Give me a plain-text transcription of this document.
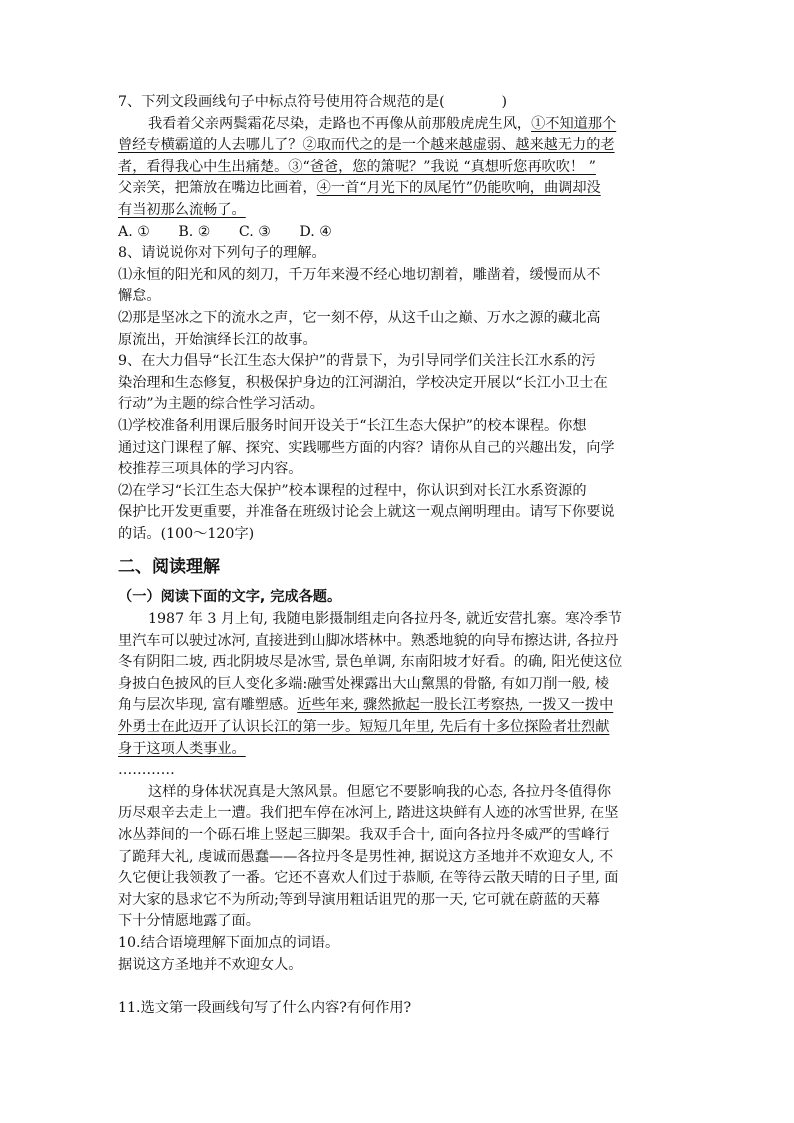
7、下列文段画线句子中标点符号使用符合规范的是(　　　　)
我看着父亲两鬓霜花尽染，走路也不再像从前那般虎虎生风，①不知道那个
曾经专横霸道的人去哪儿了？②取而代之的是一个越来越虚弱、越来越无力的老
者，看得我心中生出痛楚。③“爸爸，您的箫呢？”我说 “真想听您再吹吹！ ”
父亲笑，把箫放在嘴边比画着，④一首“月光下的凤尾竹”仍能吹响，曲调却没
有当初那么流畅了。
A. ①　　B. ②　　C. ③　　D. ④
8、请说说你对下列句子的理解。
⑴永恒的阳光和风的刻刀，千万年来漫不经心地切割着，雕凿着，缓慢而从不
懈怠。
⑵那是坚冰之下的流水之声，它一刻不停，从这千山之巅、万水之源的藏北高
原流出，开始演绎长江的故事。
9、在大力倡导“长江生态大保护”的背景下，为引导同学们关注长江水系的污
染治理和生态修复，积极保护身边的江河湖泊，学校决定开展以“长江小卫士在
行动”为主题的综合性学习活动。
⑴学校准备利用课后服务时间开设关于“长江生态大保护”的校本课程。你想
通过这门课程了解、探究、实践哪些方面的内容？请你从自己的兴趣出发，向学
校推荐三项具体的学习内容。
⑵在学习“长江生态大保护”校本课程的过程中，你认识到对长江水系资源的
保护比开发更重要，并准备在班级讨论会上就这一观点阐明理由。请写下你要说
的话。(100～120字)
二、阅读理解
（一）阅读下面的文字, 完成各题。
1987 年 3 月上旬, 我随电影摄制组走向各拉丹冬, 就近安营扎寨。寒冷季节
里汽车可以驶过冰河, 直接进到山脚冰塔林中。熟悉地貌的向导布擦达讲, 各拉丹
冬有阴阳二坡, 西北阴坡尽是冰雪, 景色单调, 东南阳坡才好看。的确, 阳光使这位
身披白色披风的巨人变化多端:融雪处裸露出大山黧黑的骨骼, 有如刀削一般, 棱
角与层次毕现, 富有雕塑感。近些年来, 骤然掀起一股长江考察热, 一拨又一拨中
外勇士在此迈开了认识长江的第一步。短短几年里, 先后有十多位探险者壮烈献
身于这项人类事业。
…………
这样的身体状况真是大煞风景。但愿它不要影响我的心态, 各拉丹冬值得你
历尽艰辛去走上一遭。我们把车停在冰河上, 踏进这块鲜有人迹的冰雪世界, 在坚
冰丛莽间的一个砾石堆上竖起三脚架。我双手合十, 面向各拉丹冬威严的雪峰行
了跪拜大礼, 虔诚而愚蠢——各拉丹冬是男性神, 据说这方圣地并不欢迎女人, 不
久它便让我领教了一番。它还不喜欢人们过于恭顺, 在等待云散天晴的日子里, 面
对大家的恳求它不为所动;等到导演用粗话诅咒的那一天, 它可就在蔚蓝的天幕
下十分情愿地露了面。
10.结合语境理解下面加点的词语。
据说这方圣地并不欢迎女人。
11.选文第一段画线句写了什么内容?有何作用?
